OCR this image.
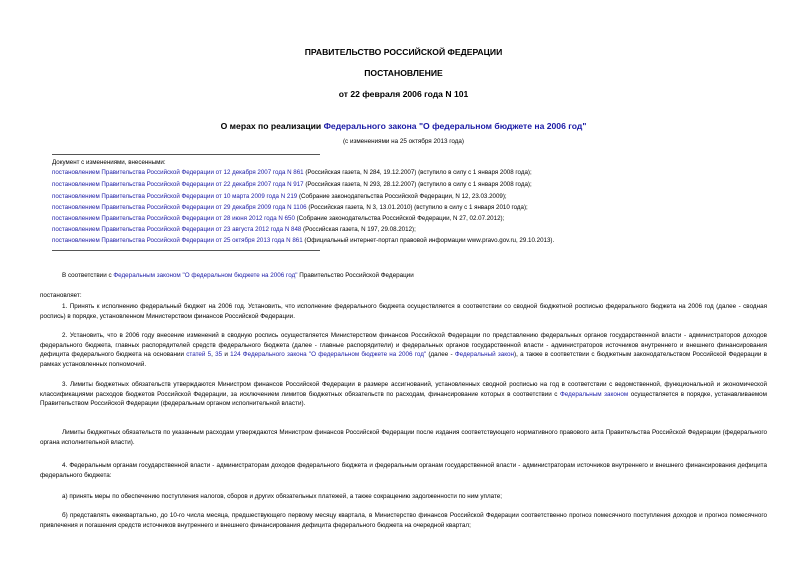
ПРАВИТЕЛЬСТВО РОССИЙСКОЙ ФЕДЕРАЦИИ
ПОСТАНОВЛЕНИЕ
от 22 февраля 2006 года N 101
О мерах по реализации Федерального закона "О федеральном бюджете на 2006 год"
(с изменениями на 25 октября 2013 года)
Документ с изменениями, внесенными:
постановлением Правительства Российской Федерации от 12 декабря 2007 года N 861 (Российская газета, N 284, 19.12.2007) (вступило в силу с 1 января 2008 года);
постановлением Правительства Российской Федерации от 22 декабря 2007 года N 917 (Российская газета, N 293, 28.12.2007) (вступило в силу с 1 января 2008 года);
постановлением Правительства Российской Федерации от 10 марта 2009 года N 219 (Собрание законодательства Российской Федерации, N 12, 23.03.2009);
постановлением Правительства Российской Федерации от 29 декабря 2009 года N 1106 (Российская газета, N 3, 13.01.2010) (вступило в силу с 1 января 2010 года);
постановлением Правительства Российской Федерации от 28 июня 2012 года N 650 (Собрание законодательства Российской Федерации, N 27, 02.07.2012);
постановлением Правительства Российской Федерации от 23 августа 2012 года N 848 (Российская газета, N 197, 29.08.2012);
постановлением Правительства Российской Федерации от 25 октября 2013 года N 861 (Официальный интернет-портал правовой информации www.pravo.gov.ru, 29.10.2013).
В соответствии с Федеральным законом "О федеральном бюджете на 2006 год" Правительство Российской Федерации
постановляет:
1. Принять к исполнению федеральный бюджет на 2006 год. Установить, что исполнение федерального бюджета осуществляется в соответствии со сводной бюджетной росписью федерального бюджета на 2006 год (далее - сводная роспись) в порядке, установленном Министерством финансов Российской Федерации.
2. Установить, что в 2006 году внесение изменений в сводную роспись осуществляется Министерством финансов Российской Федерации по представлению федеральных органов государственной власти - администраторов доходов федерального бюджета, главных распорядителей средств федерального бюджета (далее - главные распорядители) и федеральных органов государственной власти - администраторов источников внутреннего и внешнего финансирования дефицита федерального бюджета на основании статей 5, 35 и 124 Федерального закона "О федеральном бюджете на 2006 год" (далее - Федеральный закон), а также в соответствии с бюджетным законодательством Российской Федерации в рамках установленных полномочий.
3. Лимиты бюджетных обязательств утверждаются Министром финансов Российской Федерации в размере ассигнований, установленных сводной росписью на год в соответствии с ведомственной, функциональной и экономической классификациями расходов бюджетов Российской Федерации, за исключением лимитов бюджетных обязательств по расходам, финансирование которых в соответствии с Федеральным законом осуществляется в порядке, устанавливаемом Правительством Российской Федерации (федеральным органом исполнительной власти).
Лимиты бюджетных обязательств по указанным расходам утверждаются Министром финансов Российской Федерации после издания соответствующего нормативного правового акта Правительства Российской Федерации (федерального органа исполнительной власти).
4. Федеральным органам государственной власти - администраторам доходов федерального бюджета и федеральным органам государственной власти - администраторам источников внутреннего и внешнего финансирования дефицита федерального бюджета:
а) принять меры по обеспечению поступления налогов, сборов и других обязательных платежей, а также сокращению задолженности по ним уплате;
б) представлять ежеквартально, до 10-го числа месяца, предшествующего первому месяцу квартала, в Министерство финансов Российской Федерации соответственно прогноз помесячного поступления доходов и прогноз помесячного привлечения и погашения средств источников внутреннего и внешнего финансирования дефицита федерального бюджета на очередной квартал;
